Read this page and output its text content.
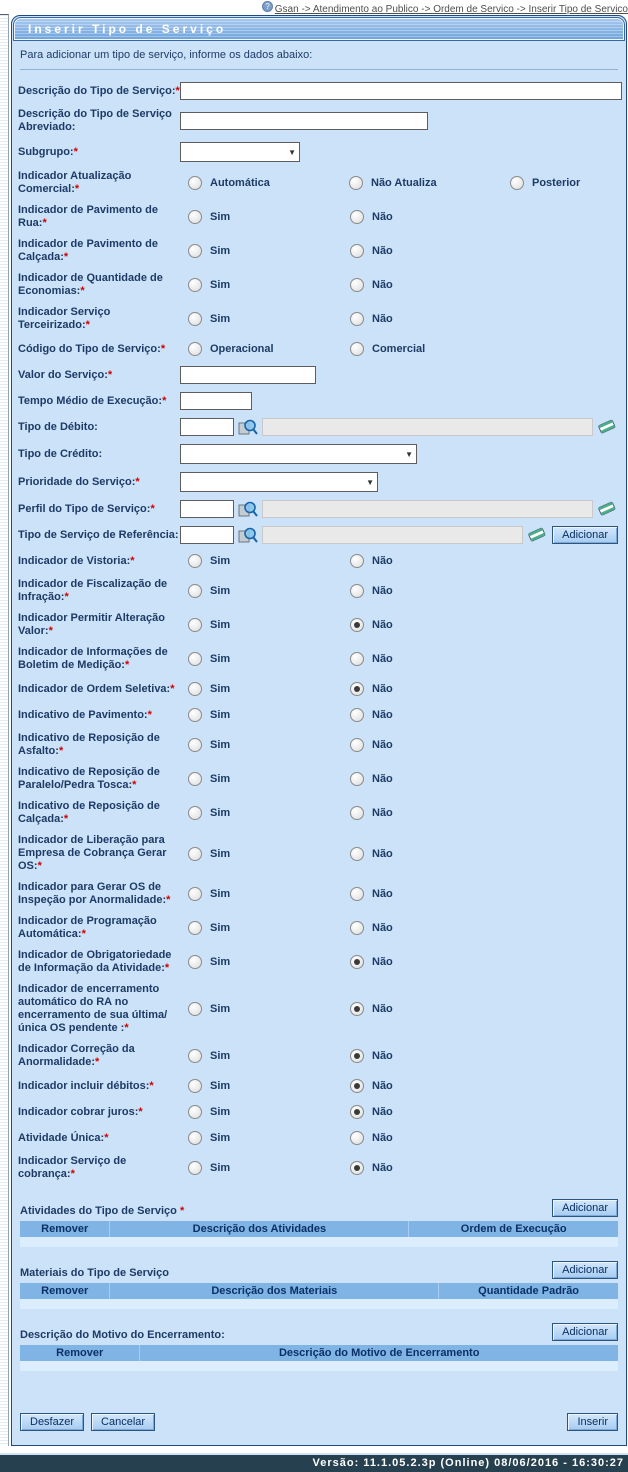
? Gsan -> Atendimento ao Publico -> Ordem de Servico -> Inserir Tipo de Servico
Inserir Tipo de Serviço
Para adicionar um tipo de serviço, informe os dados abaixo:
Descrição do Tipo de Serviço:*
Descrição do Tipo de Serviço Abreviado:
Subgrupo:*	▼
Indicador Atualização Comercial:*	Automática	Não Atualiza	Posterior
Indicador de Pavimento de Rua:*	Sim	Não
Indicador de Pavimento de Calçada:*	Sim	Não
Indicador de Quantidade de Economias:*	Sim	Não
Indicador Serviço Terceirizado:*	Sim	Não
Código do Tipo de Serviço:*	Operacional	Comercial
Valor do Serviço:*
Tempo Médio de Execução:*
Tipo de Débito:
Tipo de Crédito:	▼
Prioridade do Serviço:*	▼
Perfil do Tipo de Serviço:*
Tipo de Serviço de Referência:	Adicionar
Indicador de Vistoria:*	Sim	Não
Indicador de Fiscalização de Infração:*	Sim	Não
Indicador Permitir Alteração Valor:*	Sim	Não
Indicador de Informações de Boletim de Medição:*	Sim	Não
Indicador de Ordem Seletiva:*	Sim	Não
Indicativo de Pavimento:*	Sim	Não
Indicativo de Reposição de Asfalto:*	Sim	Não
Indicativo de Reposição de Paralelo/Pedra Tosca:*	Sim	Não
Indicativo de Reposição de Calçada:*	Sim	Não
Indicador de Liberação para Empresa de Cobrança Gerar OS:*
Sim	Não
Indicador para Gerar OS de Inspeção por Anormalidade:*	Sim	Não
Indicador de Programação Automática:*	Sim	Não
Indicador de Obrigatoriedade de Informação da Atividade:*	Sim	Não
Indicador de encerramento automático do RA no encerramento de sua última/única OS pendente :*
Sim	Não
Indicador Correção da Anormalidade:*	Sim	Não
Indicador incluir débitos:*	Sim	Não
Indicador cobrar juros:*	Sim	Não
Atividade Única:*	Sim	Não
Indicador Serviço de cobrança:*	Sim	Não
Atividades do Tipo de Serviço *	Adicionar
Remover	Descrição dos Atividades	Ordem de Execução
Materiais do Tipo de Serviço	Adicionar
Remover	Descrição dos Materiais	Quantidade Padrão
Descrição do Motivo do Encerramento:	Adicionar
Remover	Descrição do Motivo de Encerramento
Desfazer	Cancelar	Inserir
Versão: 11.1.05.2.3p (Online) 08/06/2016 - 16:30:27
